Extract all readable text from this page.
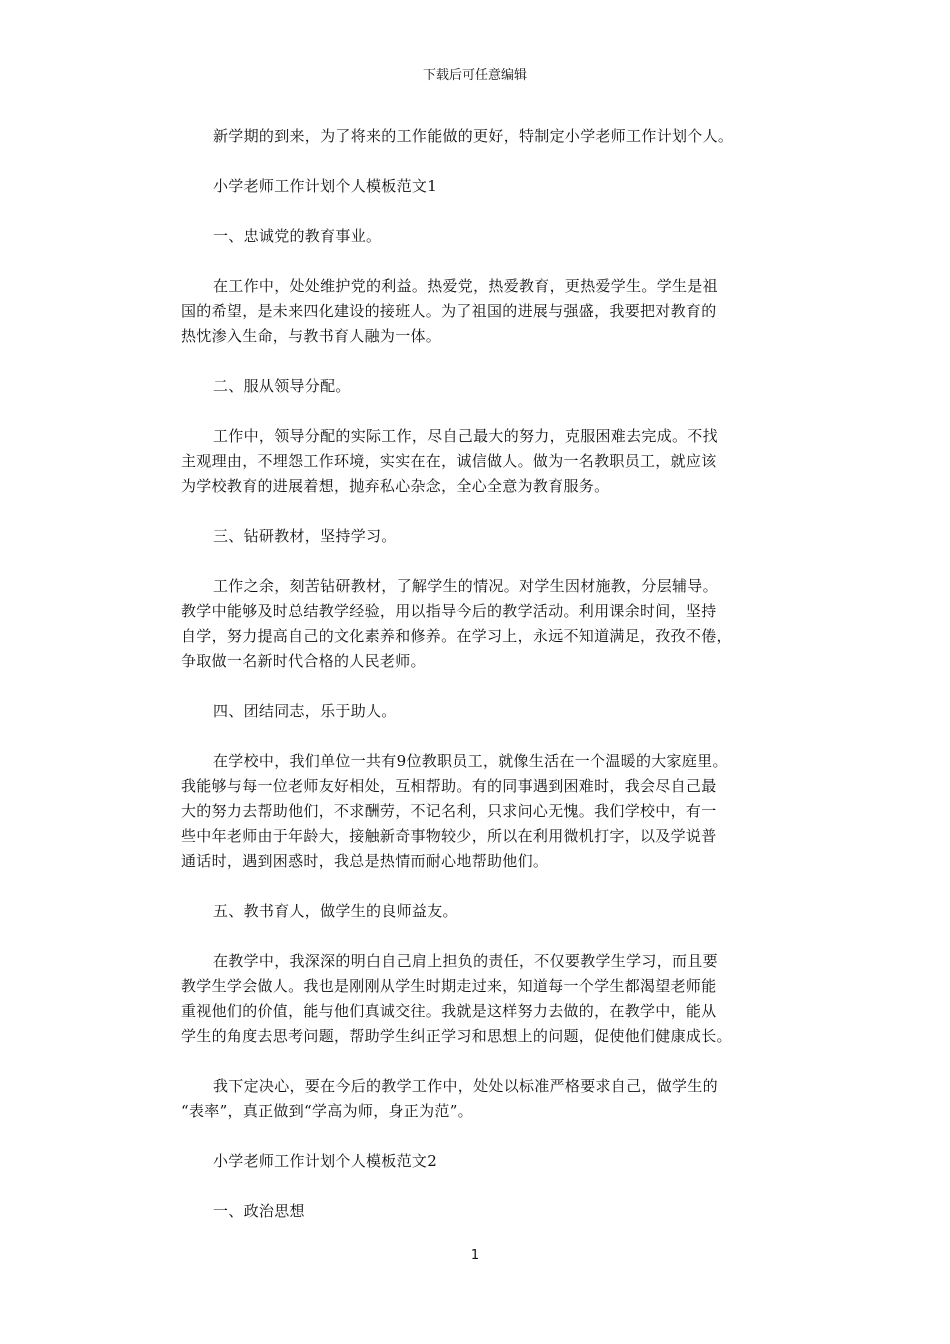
下载后可任意编辑

新学期的到来，为了将来的工作能做的更好，特制定小学老师工作计划个人。

小学老师工作计划个人模板范文1

一、忠诚党的教育事业。

在工作中，处处维护党的利益。热爱党，热爱教育，更热爱学生。学生是祖
国的希望，是未来四化建设的接班人。为了祖国的进展与强盛，我要把对教育的
热忱渗入生命，与教书育人融为一体。

二、服从领导分配。

工作中，领导分配的实际工作，尽自己最大的努力，克服困难去完成。不找
主观理由，不埋怨工作环境，实实在在，诚信做人。做为一名教职员工，就应该
为学校教育的进展着想，抛弃私心杂念，全心全意为教育服务。

三、钻研教材，坚持学习。

工作之余，刻苦钻研教材，了解学生的情况。对学生因材施教，分层辅导。
教学中能够及时总结教学经验，用以指导今后的教学活动。利用课余时间，坚持
自学，努力提高自己的文化素养和修养。在学习上，永远不知道满足，孜孜不倦，
争取做一名新时代合格的人民老师。

四、团结同志，乐于助人。

在学校中，我们单位一共有9位教职员工，就像生活在一个温暖的大家庭里。
我能够与每一位老师友好相处，互相帮助。有的同事遇到困难时，我会尽自己最
大的努力去帮助他们，不求酬劳，不记名利，只求问心无愧。我们学校中，有一
些中年老师由于年龄大，接触新奇事物较少，所以在利用微机打字，以及学说普
通话时，遇到困惑时，我总是热情而耐心地帮助他们。

五、教书育人，做学生的良师益友。

在教学中，我深深的明白自己肩上担负的责任，不仅要教学生学习，而且要
教学生学会做人。我也是刚刚从学生时期走过来，知道每一个学生都渴望老师能
重视他们的价值，能与他们真诚交往。我就是这样努力去做的，在教学中，能从
学生的角度去思考问题，帮助学生纠正学习和思想上的问题，促使他们健康成长。

我下定决心，要在今后的教学工作中，处处以标准严格要求自己，做学生的
“表率”，真正做到“学高为师，身正为范”。

小学老师工作计划个人模板范文2

一、政治思想

1
